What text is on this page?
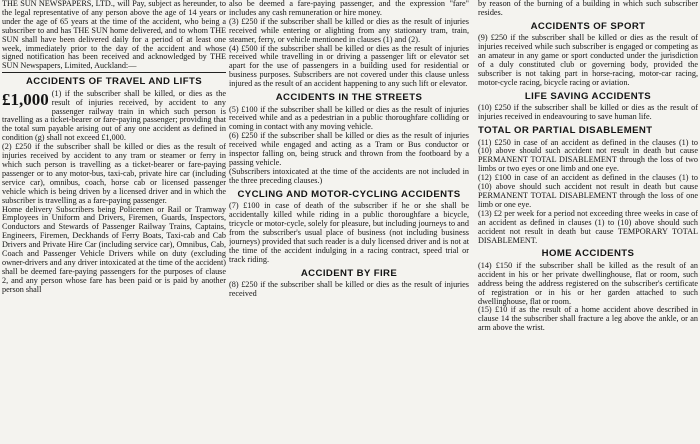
THE SUN NEWSPAPERS, LTD., will Pay, subject as hereunder, to the legal representative of any person above the age of 14 years or under the age of 65 years at the time of the accident, who being a subscriber to and has THE SUN home delivered, and to whom THE SUN shall have been delivered daily for a period of at least one week, immediately prior to the day of the accident and whose signed notification has been received and acknowledged by THE SUN Newspapers, Limited, Auckland:—

ACCIDENTS OF TRAVEL AND LIFTS
£1,000 (1) if the subscriber shall be killed, or dies as the result of injuries received, by accident to any passenger railway train in which such person is travelling as a ticket-bearer or fare-paying passenger; providing that the total sum payable arising out of any one accident as defined in condition (g) shall not exceed £1,000.

(2) £250 if the subscriber shall be killed or dies as the result of injuries received by accident to any tram or steamer or ferry in which such person is travelling as a ticket-bearer or fare-paying passenger or to any motor-bus, taxi-cab, private hire car (including service car), omnibus, coach, horse cab or licensed passenger vehicle which is being driven by a licensed driver and in which the subscriber is travelling as a fare-paying passenger.

Home delivery Subscribers being Policemen or Rail or Tramway Employees in Uniform and Drivers, Firemen, Guards, Inspectors, Conductors and Stewards of Passenger Railway Trains, Captains, Engineers, Firemen, Deckhands of Ferry Boats, Taxi-cab and Cab Drivers and Private Hire Car (including service car), Omnibus, Cab, Coach and Passenger Vehicle Drivers while on duty (excluding owner-drivers and any driver intoxicated at the time of the accident) shall be deemed fare-paying passengers for the purposes of clause 2, and any person whose fare has been paid or is paid by another person shall

also be deemed a fare-paying passenger, and the expression "fare" includes any cash remuneration or hire money.

(3) £250 if the subscriber shall be killed or dies as the result of injuries received while entering or alighting from any stationary tram, train, steamer, ferry, or vehicle mentioned in clauses (1) and (2).

(4) £500 if the subscriber shall be killed or dies as the result of injuries received while travelling in or driving a passenger lift or elevator set apart for the use of passengers in a building used for residential or business purposes. Subscribers are not covered under this clause unless injured as the result of an accident happening to any such lift or elevator.

ACCIDENTS IN THE STREETS

(5) £100 if the subscriber shall be killed or dies as the result of injuries received while and as a pedestrian in a public thoroughfare colliding or coming in contact with any moving vehicle.

(6) £250 if the subscriber shall be killed or dies as the result of injuries received while engaged and acting as a Tram or Bus conductor or inspector falling on, being struck and thrown from the footboard by a passing vehicle.

(Subscribers intoxicated at the time of the accidents are not included in the three preceding clauses.)

CYCLING AND MOTOR-CYCLING ACCIDENTS

(7) £100 in case of death of the subscriber if he or she shall be accidentally killed while riding in a public thoroughfare a bicycle, tricycle or motor-cycle, solely for pleasure, but including journeys to and from the subscriber's usual place of business (not including business journeys) provided that such reader is a duly licensed driver and is not at the time of the accident indulging in a racing contract, speed trial or track riding.

ACCIDENT BY FIRE

(8) £250 if the subscriber shall be killed or dies as the result of injuries received

by reason of the burning of a building in which such subscriber resides.

ACCIDENTS OF SPORT

(9) £250 if the subscriber shall be killed or dies as the result of injuries received while such subscriber is engaged or competing as an amateur in any game or sport conducted under the jurisdiction of a duly constituted club or governing body, provided the subscriber is not taking part in horse-racing, motor-car racing, motor-cycle racing, bicycle racing or aviation.

LIFE SAVING ACCIDENTS

(10) £250 if the subscriber shall be killed or dies as the result of injuries received in endeavouring to save human life.

TOTAL OR PARTIAL DISABLEMENT

(11) £250 in case of an accident as defined in the clauses (1) to (10) above should such accident not result in death but cause PERMANENT TOTAL DISABLEMENT through the loss of two limbs or two eyes or one limb and one eye.

(12) £100 in case of an accident as defined in the clauses (1) to (10) above should such accident not result in death but cause PERMANENT TOTAL DISABLEMENT through the loss of one limb or one eye.

(13) £2 per week for a period not exceeding three weeks in case of an accident as defined in clauses (1) to (10) above should such accident not result in death but cause TEMPORARY TOTAL DISABLEMENT.

HOME ACCIDENTS

(14) £150 if the subscriber shall be killed as the result of an accident in his or her private dwellinghouse, flat or room, such address being the address registered on the subscriber's certificate of registration or in his or her garden attached to such dwellinghouse, flat or room.

(15) £10 if as the result of a home accident above described in clause 14 the subscriber shall fracture a leg above the ankle, or an arm above the wrist.
